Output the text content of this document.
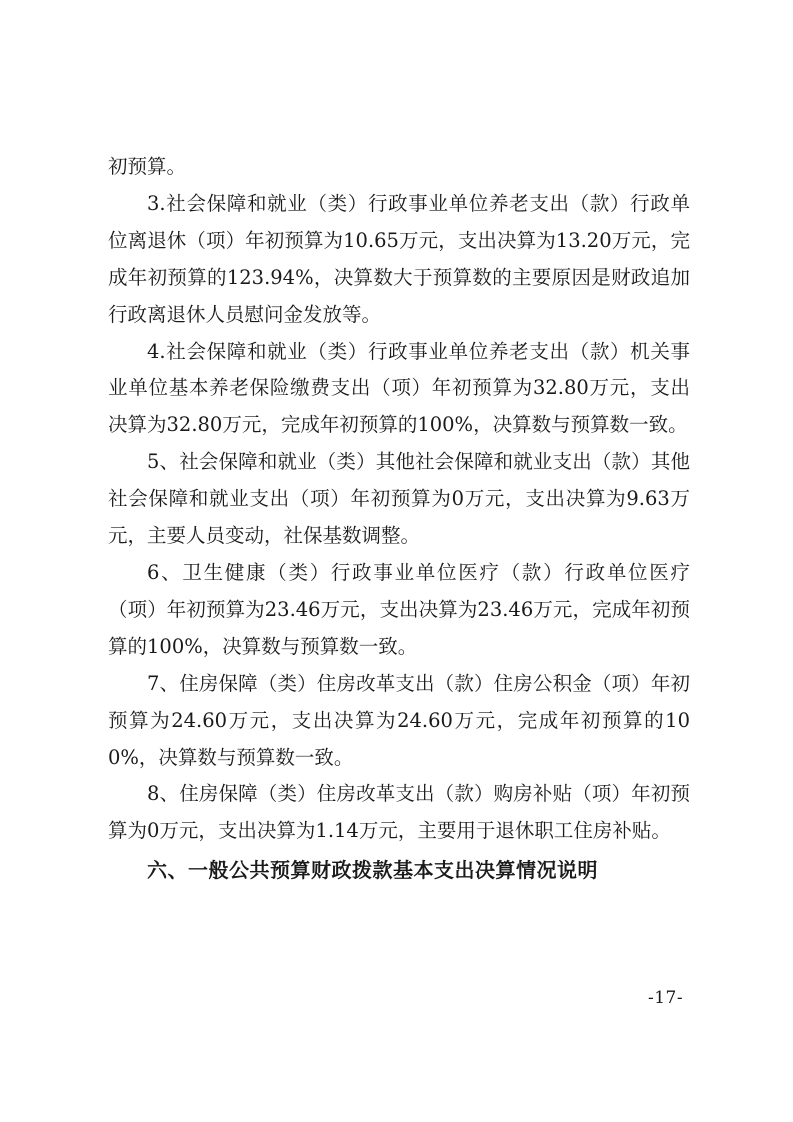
初预算。

3.社会保障和就业（类）行政事业单位养老支出（款）行政单位离退休（项）年初预算为10.65万元，支出决算为13.20万元，完成年初预算的123.94%，决算数大于预算数的主要原因是财政追加行政离退休人员慰问金发放等。

4.社会保障和就业（类）行政事业单位养老支出（款）机关事业单位基本养老保险缴费支出（项）年初预算为32.80万元，支出决算为32.80万元，完成年初预算的100%，决算数与预算数一致。

5、社会保障和就业（类）其他社会保障和就业支出（款）其他社会保障和就业支出（项）年初预算为0万元，支出决算为9.63万元，主要人员变动，社保基数调整。

6、卫生健康（类）行政事业单位医疗（款）行政单位医疗（项）年初预算为23.46万元，支出决算为23.46万元，完成年初预算的100%，决算数与预算数一致。

7、住房保障（类）住房改革支出（款）住房公积金（项）年初预算为24.60万元，支出决算为24.60万元，完成年初预算的100%，决算数与预算数一致。

8、住房保障（类）住房改革支出（款）购房补贴（项）年初预算为0万元，支出决算为1.14万元，主要用于退休职工住房补贴。

六、一般公共预算财政拨款基本支出决算情况说明
-17-
